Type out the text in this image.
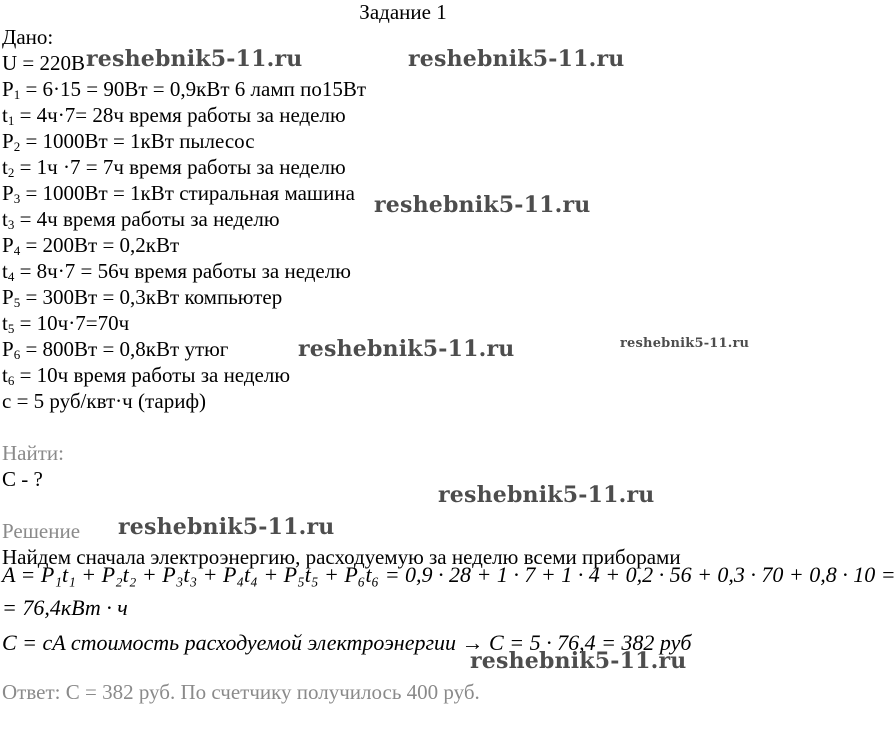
Задание 1
Дано:
U = 220В
$P_1 = 6\cdot 15 = 90Вт = 0,9кВт$ 6 ламп по15Вт
$t_1 = 4ч\cdot 7= 28ч$ время работы за неделю
$P_2 = 1000Вт = 1кВт$ пылесос
$t_2 = 1ч \cdot 7 = 7ч$ время работы за неделю
$P_3 = 1000Вт = 1кВт$ стиральная машина
$t_3 = 4ч$ время работы за неделю
$P_4 = 200Вт = 0,2кВт$
$t_4 = 8ч\cdot 7 = 56ч$ время работы за неделю
$P_5 = 300Вт = 0,3кВт$ компьютер
$t_5 = 10ч\cdot 7=70ч$
$P_6 = 800Вт = 0,8кВт$ утюг
$t_6 = 10ч$ время работы за неделю
c = 5 руб/квт·ч (тариф)
Найти:
С - ?
Решение
Найдем сначала электроэнергию, расходуемую за неделю всеми приборами
A = P₁t₁ + P₂t₂ + P₃t₃ + P₄t₄ + P₅t₅ + P₆t₆ = 0,9 · 28 + 1 · 7 + 1 · 4 + 0,2 · 56 + 0,3 · 70 + 0,8 · 10 =
= 76,4кВт · ч
C = cA стоимость расходуемой электроэнергии → C = 5 · 76,4 = 382 руб
Ответ: С = 382 руб. По счетчику получилось 400 руб.
reshebnik5-11.ru	reshebnik5-11.ru
reshebnik5-11.ru
reshebnik5-11.ru	reshebnik5-11.ru
reshebnik5-11.ru
reshebnik5-11.ru
reshebnik5-11.ru
